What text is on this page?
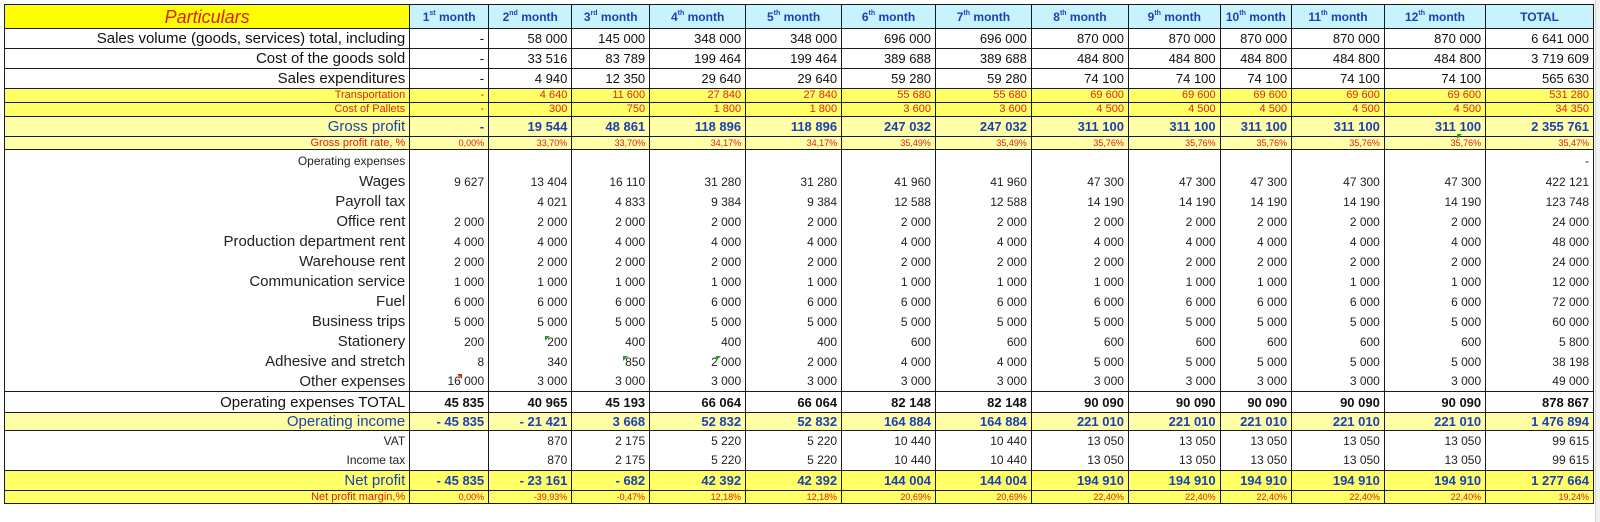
Particulars	1st month	2nd month	3rd month	4th month	5th month	6th month	7th month	8th month	9th month	10th month	11th month	12th month	TOTAL
Sales volume (goods, services) total, including	-	58 000	145 000	348 000	348 000	696 000	696 000	870 000	870 000	870 000	870 000	870 000	6 641 000
Cost of the goods sold	-	33 516	83 789	199 464	199 464	389 688	389 688	484 800	484 800	484 800	484 800	484 800	3 719 609
Sales expenditures	-	4 940	12 350	29 640	29 640	59 280	59 280	74 100	74 100	74 100	74 100	74 100	565 630
Transportation	-	4 640	11 600	27 840	27 840	55 680	55 680	69 600	69 600	69 600	69 600	69 600	531 280
Cost of Pallets	-	300	750	1 800	1 800	3 600	3 600	4 500	4 500	4 500	4 500	4 500	34 350
Gross profit	-	19 544	48 861	118 896	118 896	247 032	247 032	311 100	311 100	311 100	311 100	311 100	2 355 761
Gross profit rate, %	0,00%	33,70%	33,70%	34,17%	34,17%	35,49%	35,49%	35,76%	35,76%	35,76%	35,76%	35,76%	35,47%
Operating expenses													-
Wages	9 627	13 404	16 110	31 280	31 280	41 960	41 960	47 300	47 300	47 300	47 300	47 300	422 121
Payroll tax		4 021	4 833	9 384	9 384	12 588	12 588	14 190	14 190	14 190	14 190	14 190	123 748
Office rent	2 000	2 000	2 000	2 000	2 000	2 000	2 000	2 000	2 000	2 000	2 000	2 000	24 000
Production department rent	4 000	4 000	4 000	4 000	4 000	4 000	4 000	4 000	4 000	4 000	4 000	4 000	48 000
Warehouse rent	2 000	2 000	2 000	2 000	2 000	2 000	2 000	2 000	2 000	2 000	2 000	2 000	24 000
Communication service	1 000	1 000	1 000	1 000	1 000	1 000	1 000	1 000	1 000	1 000	1 000	1 000	12 000
Fuel	6 000	6 000	6 000	6 000	6 000	6 000	6 000	6 000	6 000	6 000	6 000	6 000	72 000
Business trips	5 000	5 000	5 000	5 000	5 000	5 000	5 000	5 000	5 000	5 000	5 000	5 000	60 000
Stationery	200	200	400	400	400	600	600	600	600	600	600	600	5 800
Adhesive and stretch	8	340	850	2 000	2 000	4 000	4 000	5 000	5 000	5 000	5 000	5 000	38 198
Other expenses	16 000	3 000	3 000	3 000	3 000	3 000	3 000	3 000	3 000	3 000	3 000	3 000	49 000
Operating expenses TOTAL	45 835	40 965	45 193	66 064	66 064	82 148	82 148	90 090	90 090	90 090	90 090	90 090	878 867
Operating income	- 45 835	- 21 421	3 668	52 832	52 832	164 884	164 884	221 010	221 010	221 010	221 010	221 010	1 476 894
VAT		870	2 175	5 220	5 220	10 440	10 440	13 050	13 050	13 050	13 050	13 050	99 615
Income tax		870	2 175	5 220	5 220	10 440	10 440	13 050	13 050	13 050	13 050	13 050	99 615
Net profit	- 45 835	- 23 161	- 682	42 392	42 392	144 004	144 004	194 910	194 910	194 910	194 910	194 910	1 277 664
Net profit margin,%	0,00%	-39,93%	-0,47%	12,18%	12,18%	20,69%	20,69%	22,40%	22,40%	22,40%	22,40%	22,40%	19,24%
